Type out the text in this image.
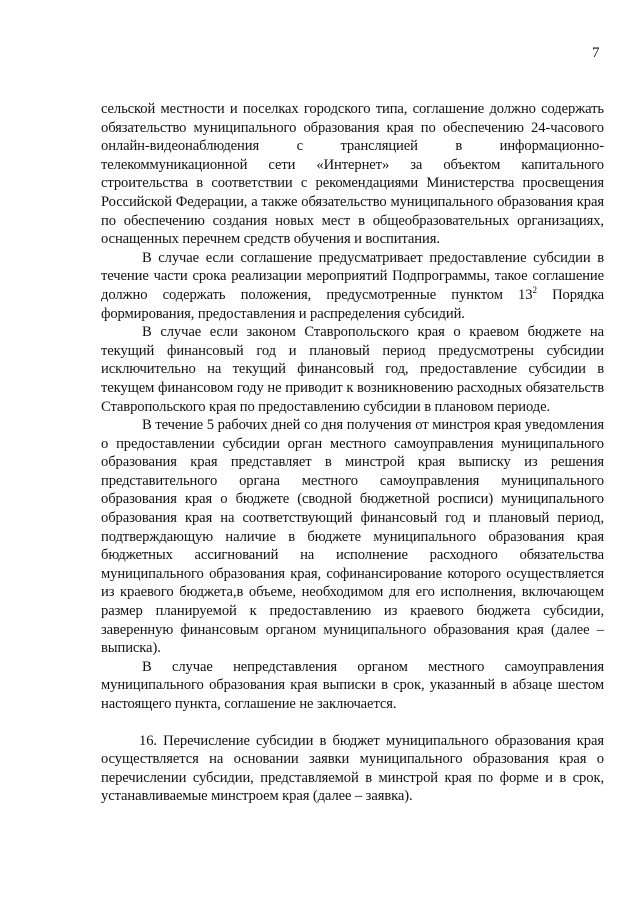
7

сельской местности и поселках городского типа, соглашение должно содержать обязательство муниципального образования края по обеспечению 24-часового онлайн-видеонаблюдения с трансляцией в информационно-телекоммуникационной сети «Интернет» за объектом капитального строительства в соответствии с рекомендациями Министерства просвещения Российской Федерации, а также обязательство муниципального образования края по обеспечению создания новых мест в общеобразовательных организациях, оснащенных перечнем средств обучения и воспитания.

В случае если соглашение предусматривает предоставление субсидии в течение части срока реализации мероприятий Подпрограммы, такое соглашение должно содержать положения, предусмотренные пунктом $13^2$ Порядка формирования, предоставления и распределения субсидий.

В случае если законом Ставропольского края о краевом бюджете на текущий финансовый год и плановый период предусмотрены субсидии исключительно на текущий финансовый год, предоставление субсидии в текущем финансовом году не приводит к возникновению расходных обязательств Ставропольского края по предоставлению субсидии в плановом периоде.

В течение 5 рабочих дней со дня получения от минстроя края уведомления о предоставлении субсидии орган местного самоуправления муниципального образования края представляет в минстрой края выписку из решения представительного органа местного самоуправления муниципального образования края о бюджете (сводной бюджетной росписи) муниципального образования края на соответствующий финансовый год и плановый период, подтверждающую наличие в бюджете муниципального образования края бюджетных ассигнований на исполнение расходного обязательства муниципального образования края, софинансирование которого осуществляется из краевого бюджета,в объеме, необходимом для его исполнения, включающем размер планируемой к предоставлению из краевого бюджета субсидии, заверенную финансовым органом муниципального образования края (далее – выписка).

В случае непредставления органом местного самоуправления муниципального образования края выписки в срок, указанный в абзаце шестом настоящего пункта, соглашение не заключается.

16. Перечисление субсидии в бюджет муниципального образования края осуществляется на основании заявки муниципального образования края о перечислении субсидии, представляемой в минстрой края по форме и в срок, устанавливаемые минстроем края (далее – заявка).
